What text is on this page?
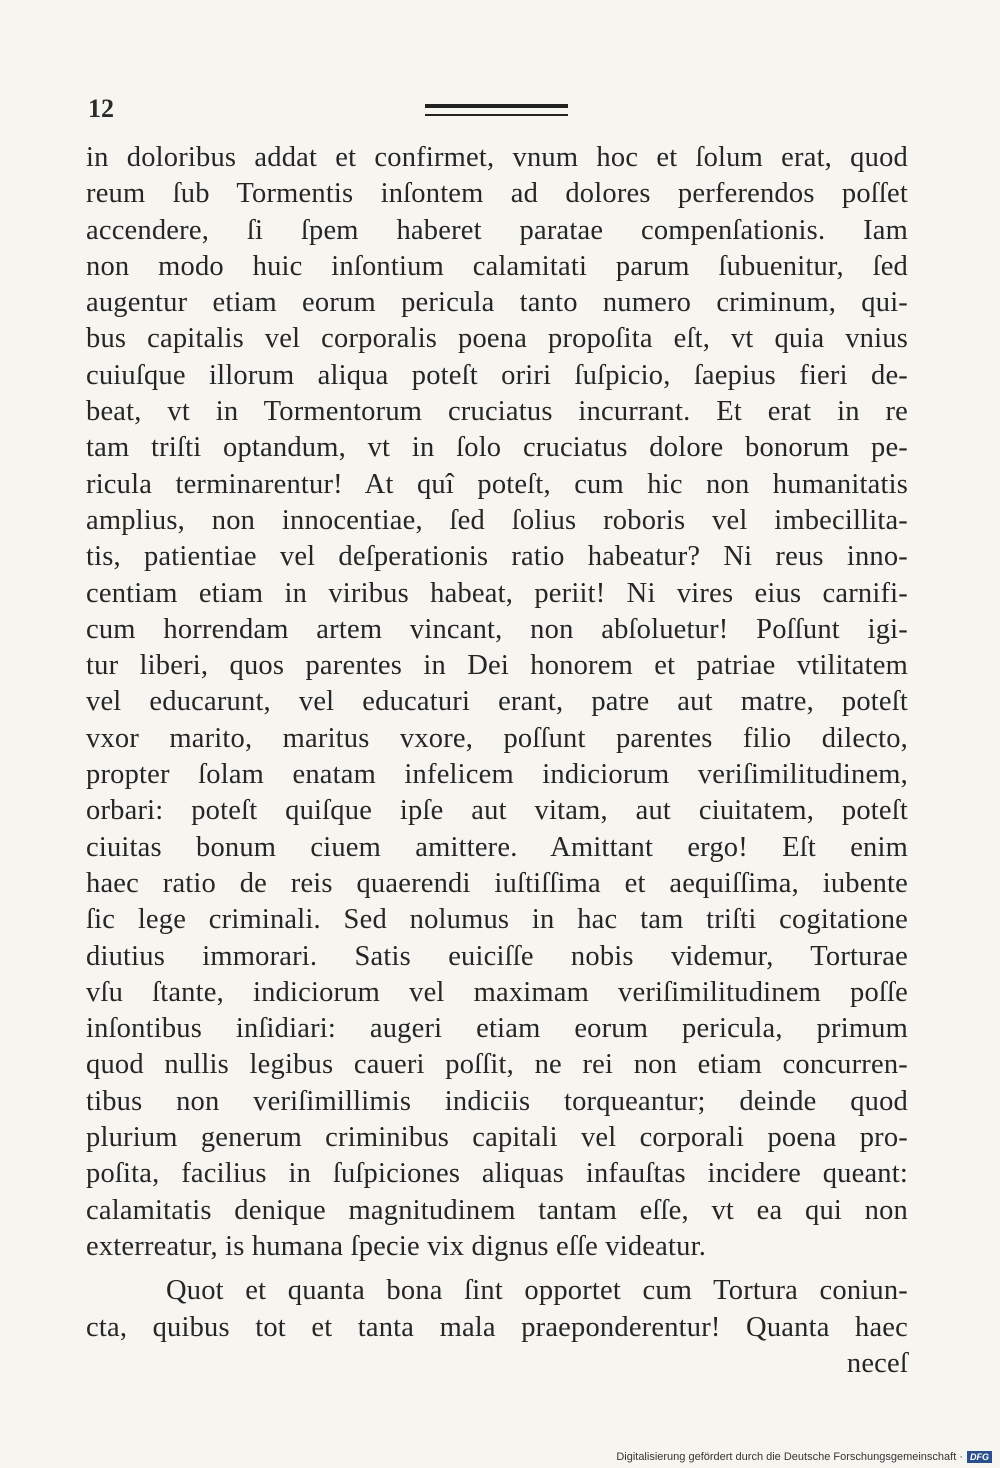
12
in doloribus addat et confirmet, vnum hoc et ſolum erat, quod
reum ſub Tormentis inſontem ad dolores perferendos poſſet
accendere, ſi ſpem haberet paratae compenſationis. Iam
non modo huic inſontium calamitati parum ſubuenitur, ſed
augentur etiam eorum pericula tanto numero criminum, qui-
bus capitalis vel corporalis poena propoſita eſt, vt quia vnius
cuiuſque illorum aliqua poteſt oriri ſuſpicio, ſaepius fieri de-
beat, vt in Tormentorum cruciatus incurrant. Et erat in re
tam triſti optandum, vt in ſolo cruciatus dolore bonorum pe-
ricula terminarentur! At quî poteſt, cum hic non humanitatis
amplius, non innocentiae, ſed ſolius roboris vel imbecillita-
tis, patientiae vel deſperationis ratio habeatur? Ni reus inno-
centiam etiam in viribus habeat, periit! Ni vires eius carnifi-
cum horrendam artem vincant, non abſoluetur! Poſſunt igi-
tur liberi, quos parentes in Dei honorem et patriae vtilitatem
vel educarunt, vel educaturi erant, patre aut matre, poteſt
vxor marito, maritus vxore, poſſunt parentes filio dilecto,
propter ſolam enatam infelicem indiciorum veriſimilitudinem,
orbari: poteſt quiſque ipſe aut vitam, aut ciuitatem, poteſt
ciuitas bonum ciuem amittere. Amittant ergo! Eſt enim
haec ratio de reis quaerendi iuſtiſſima et aequiſſima, iubente
ſic lege criminali. Sed nolumus in hac tam triſti cogitatione
diutius immorari. Satis euiciſſe nobis videmur, Torturae
vſu ſtante, indiciorum vel maximam veriſimilitudinem poſſe
inſontibus inſidiari: augeri etiam eorum pericula, primum
quod nullis legibus caueri poſſit, ne rei non etiam concurren-
tibus non veriſimillimis indiciis torqueantur; deinde quod
plurium generum criminibus capitali vel corporali poena pro-
poſita, facilius in ſuſpiciones aliquas infauſtas incidere queant:
calamitatis denique magnitudinem tantam eſſe, vt ea qui non
exterreatur, is humana ſpecie vix dignus eſſe videatur.
Quot et quanta bona ſint opportet cum Tortura coniun-
cta, quibus tot et tanta mala praeponderentur! Quanta haec
neceſ
Digitalisierung gefördert durch die Deutsche Forschungsgemeinschaft · DFG
